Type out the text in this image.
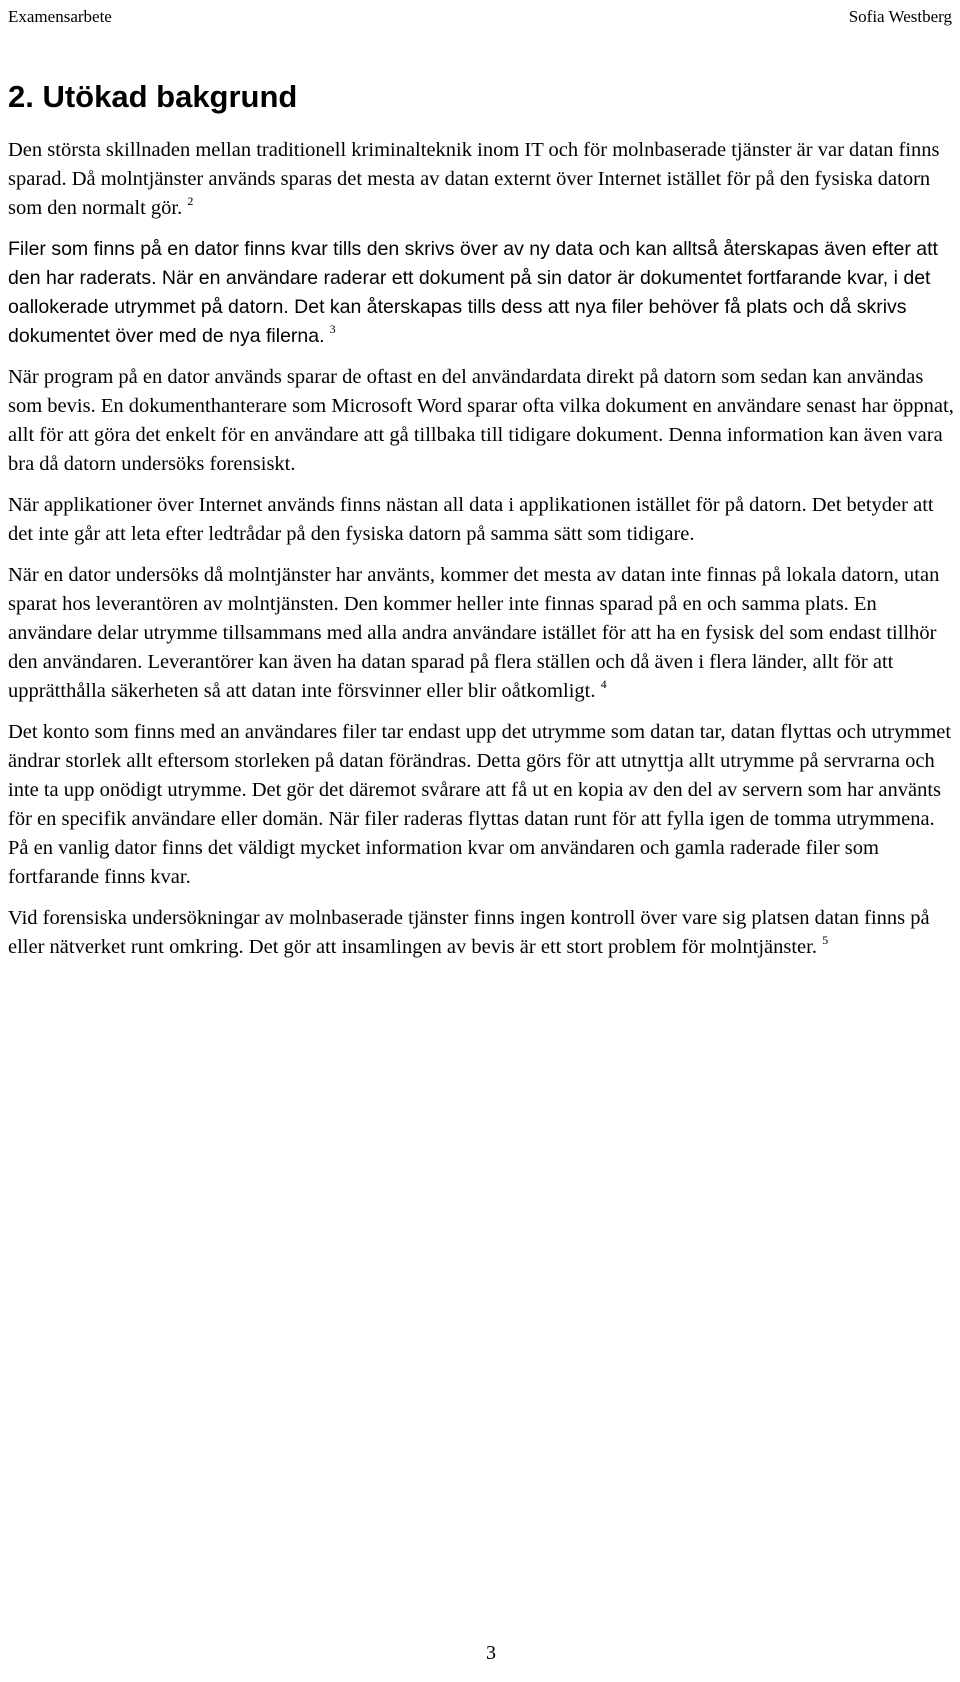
Examensarbete	Sofia Westberg
2. Utökad bakgrund

Den största skillnaden mellan traditionell kriminalteknik inom IT och för molnbaserade tjänster är var datan finns sparad. Då molntjänster används sparas det mesta av datan externt över Internet istället för på den fysiska datorn som den normalt gör. $^2$

Filer som finns på en dator finns kvar tills den skrivs över av ny data och kan alltså återskapas även efter att den har raderats. När en användare raderar ett dokument på sin dator är dokumentet fortfarande kvar, i det oallokerade utrymmet på datorn. Det kan återskapas tills dess att nya filer behöver få plats och då skrivs dokumentet över med de nya filerna. $^3$

När program på en dator används sparar de oftast en del användardata direkt på datorn som sedan kan användas som bevis. En dokumenthanterare som Microsoft Word sparar ofta vilka dokument en användare senast har öppnat, allt för att göra det enkelt för en användare att gå tillbaka till tidigare dokument. Denna information kan även vara bra då datorn undersöks forensiskt.

När applikationer över Internet används finns nästan all data i applikationen istället för på datorn. Det betyder att det inte går att leta efter ledtrådar på den fysiska datorn på samma sätt som tidigare.

När en dator undersöks då molntjänster har använts, kommer det mesta av datan inte finnas på lokala datorn, utan sparat hos leverantören av molntjänsten. Den kommer heller inte finnas sparad på en och samma plats. En användare delar utrymme tillsammans med alla andra användare istället för att ha en fysisk del som endast tillhör den användaren. Leverantörer kan även ha datan sparad på flera ställen och då även i flera länder, allt för att upprätthålla säkerheten så att datan inte försvinner eller blir oåtkomligt. $^4$

Det konto som finns med an användares filer tar endast upp det utrymme som datan tar, datan flyttas och utrymmet ändrar storlek allt eftersom storleken på datan förändras. Detta görs för att utnyttja allt utrymme på servrarna och inte ta upp onödigt utrymme. Det gör det däremot svårare att få ut en kopia av den del av servern som har använts för en specifik användare eller domän. När filer raderas flyttas datan runt för att fylla igen de tomma utrymmena. På en vanlig dator finns det väldigt mycket information kvar om användaren och gamla raderade filer som fortfarande finns kvar.

Vid forensiska undersökningar av molnbaserade tjänster finns ingen kontroll över vare sig platsen datan finns på eller nätverket runt omkring. Det gör att insamlingen av bevis är ett stort problem för molntjänster. $^5$

3
